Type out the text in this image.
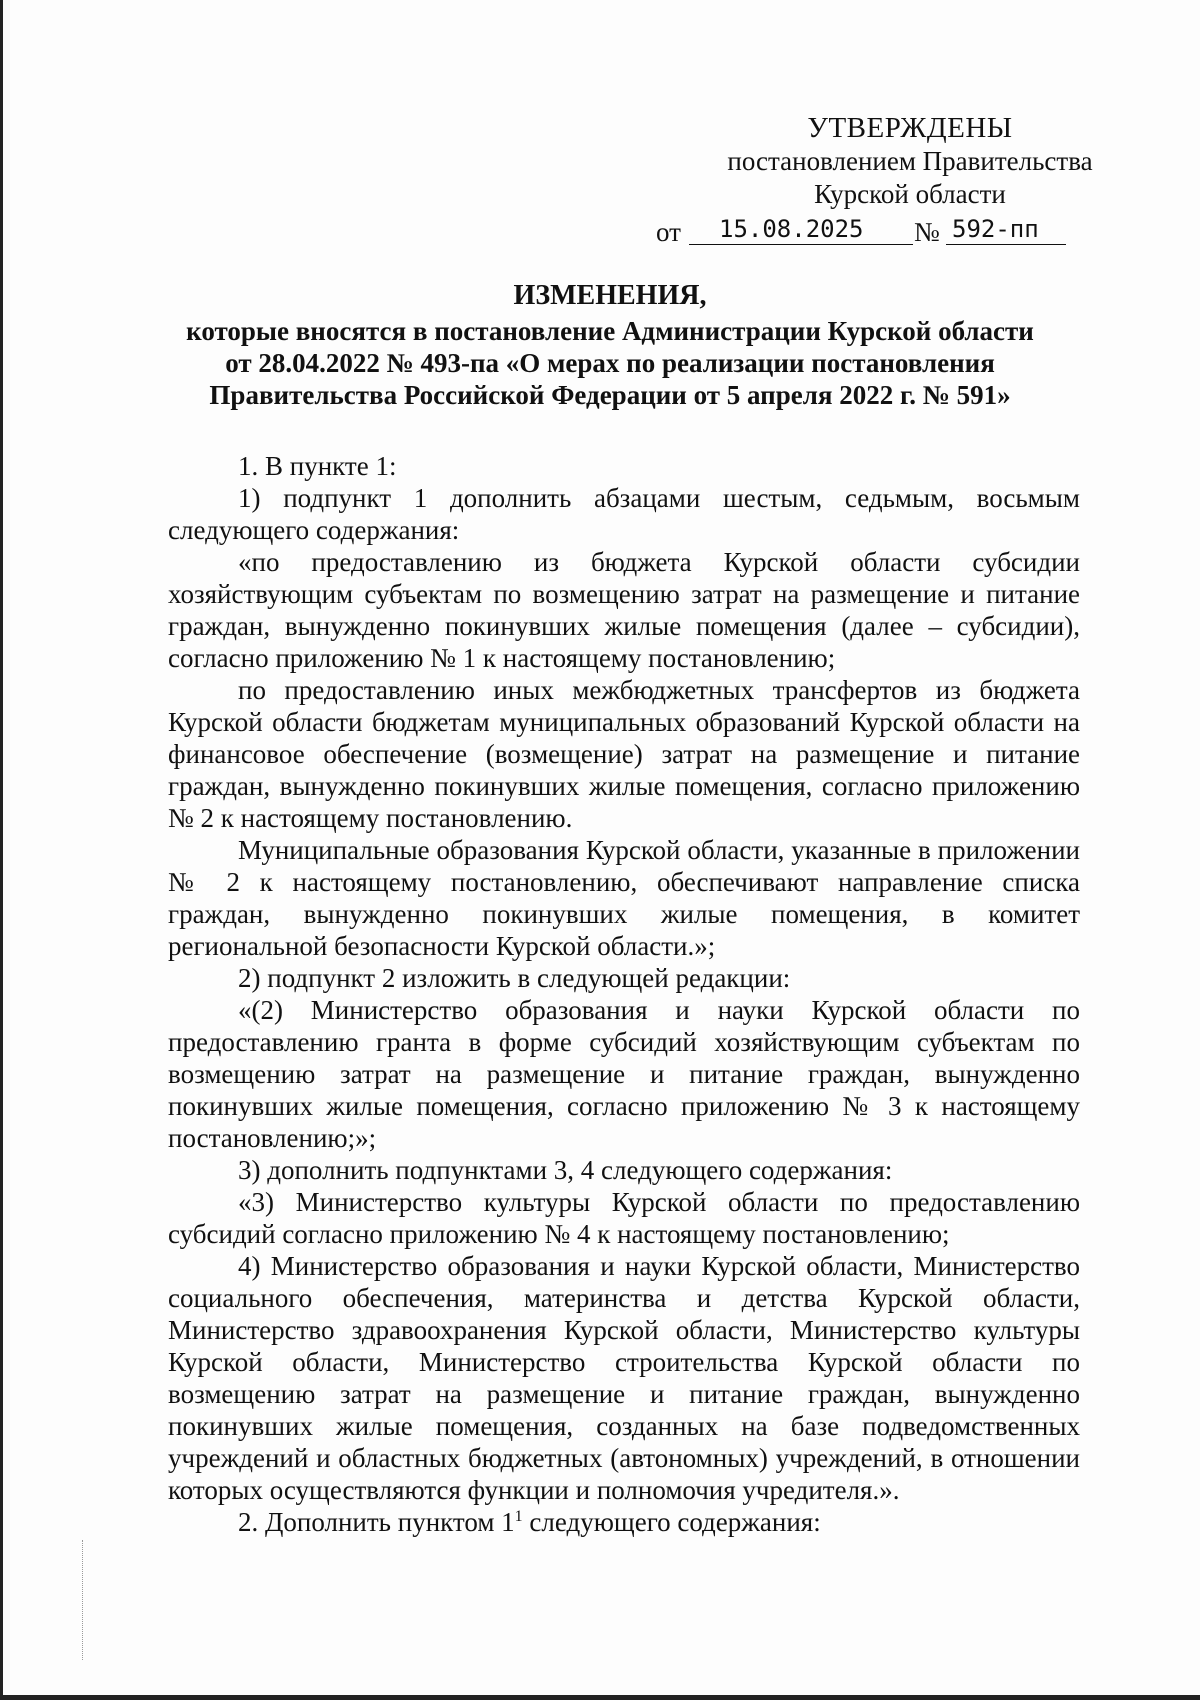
УТВЕРЖДЕНЫ
постановлением Правительства
Курской области
от	15.08.2025	№ 592-пп
ИЗМЕНЕНИЯ,
которые вносятся в постановление Администрации Курской области
от 28.04.2022 № 493-па «О мерах по реализации постановления
Правительства Российской Федерации от 5 апреля 2022 г. № 591»

1. В пункте 1:

1) подпункт 1 дополнить абзацами шестым, седьмым, восьмым следующего содержания:

«по предоставлению из бюджета Курской области субсидии хозяйствующим субъектам по возмещению затрат на размещение и питание граждан, вынужденно покинувших жилые помещения (далее – субсидии), согласно приложению № 1 к настоящему постановлению;

по предоставлению иных межбюджетных трансфертов из бюджета Курской области бюджетам муниципальных образований Курской области на финансовое обеспечение (возмещение) затрат на размещение и питание граждан, вынужденно покинувших жилые помещения, согласно приложению № 2 к настоящему постановлению.

Муниципальные образования Курской области, указанные в приложении № 2 к настоящему постановлению, обеспечивают направление списка граждан, вынужденно покинувших жилые помещения, в комитет региональной безопасности Курской области.»;

2) подпункт 2 изложить в следующей редакции:

«(2) Министерство образования и науки Курской области по предоставлению гранта в форме субсидий хозяйствующим субъектам по возмещению затрат на размещение и питание граждан, вынужденно покинувших жилые помещения, согласно приложению № 3 к настоящему постановлению;»;

3) дополнить подпунктами 3, 4 следующего содержания:

«3) Министерство культуры Курской области по предоставлению субсидий согласно приложению № 4 к настоящему постановлению;

4) Министерство образования и науки Курской области, Министерство социального обеспечения, материнства и детства Курской области, Министерство здравоохранения Курской области, Министерство культуры Курской области, Министерство строительства Курской области по возмещению затрат на размещение и питание граждан, вынужденно покинувших жилые помещения, созданных на базе подведомственных учреждений и областных бюджетных (автономных) учреждений, в отношении которых осуществляются функции и полномочия учредителя.».

2. Дополнить пунктом $1^1$ следующего содержания:
